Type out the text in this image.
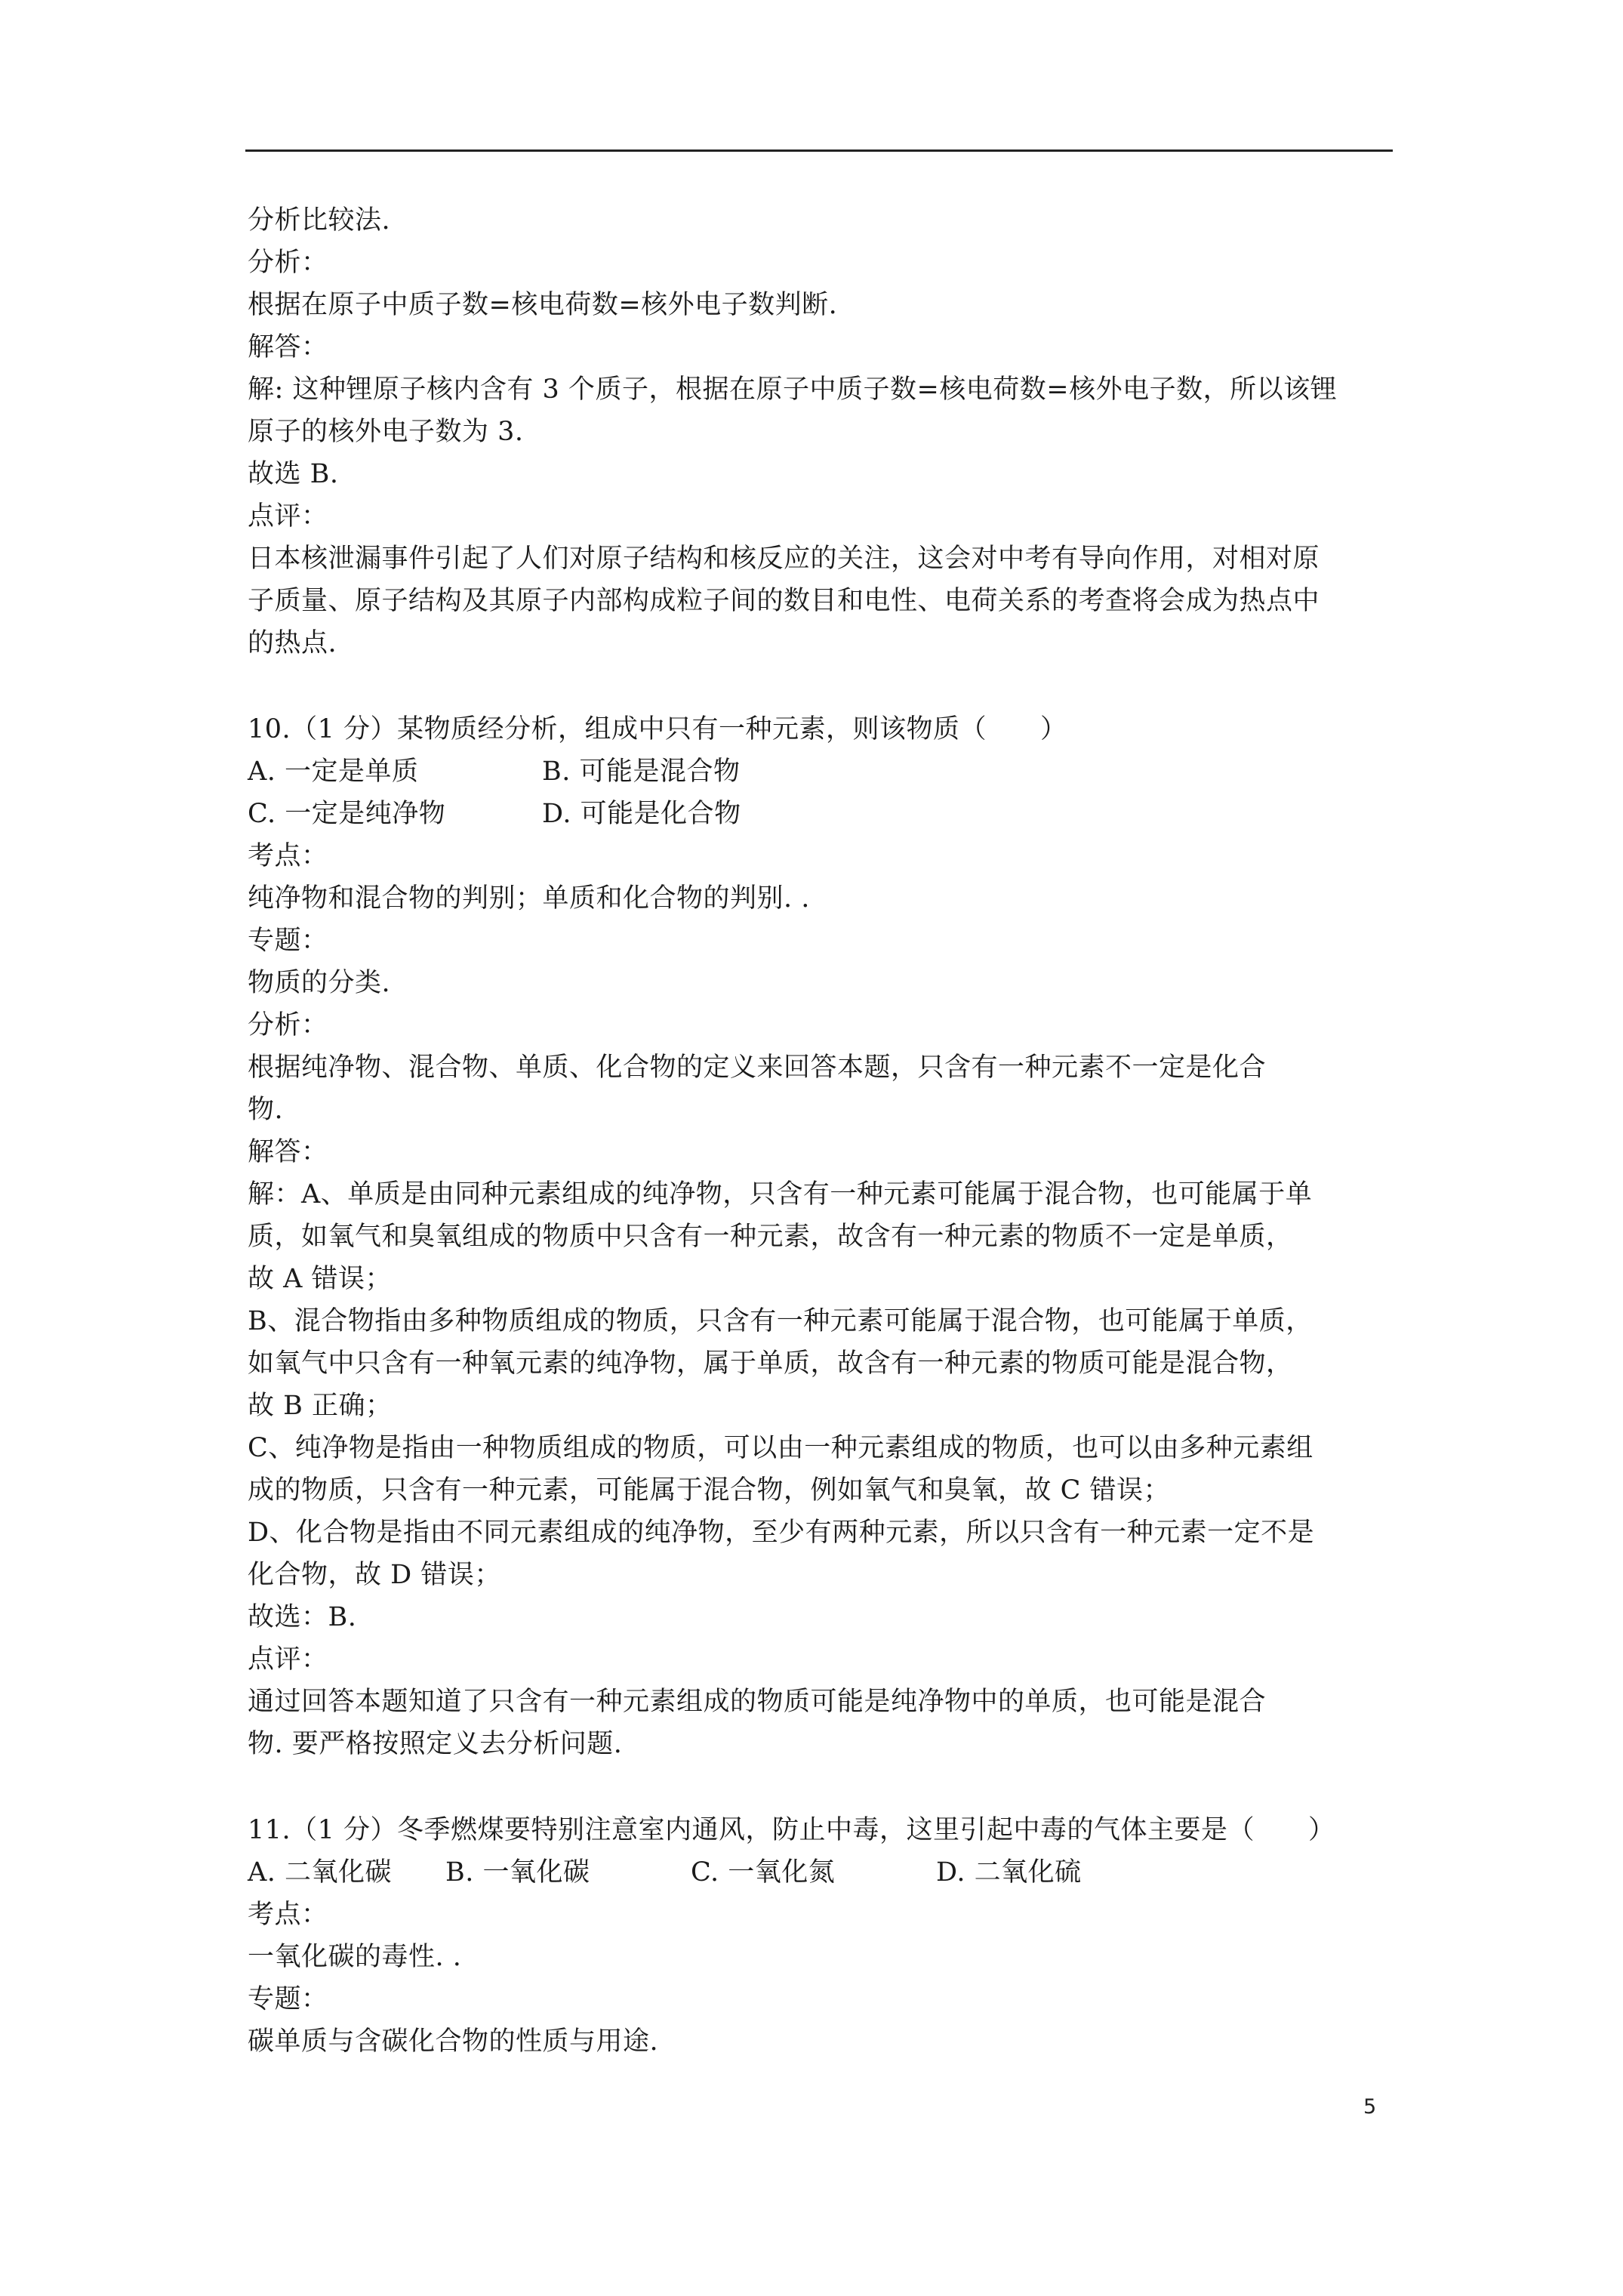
分析比较法.
分析：
根据在原子中质子数=核电荷数=核外电子数判断.
解答：
解: 这种锂原子核内含有 3 个质子，根据在原子中质子数=核电荷数=核外电子数，所以该锂
原子的核外电子数为 3.
故选 B.
点评：
日本核泄漏事件引起了人们对原子结构和核反应的关注，这会对中考有导向作用，对相对原
子质量、原子结构及其原子内部构成粒子间的数目和电性、电荷关系的考查将会成为热点中
的热点.
10.（1 分）某物质经分析，组成中只有一种元素，则该物质（　　）
A. 一定是单质	B. 可能是混合物
C. 一定是纯净物	D. 可能是化合物
考点：
纯净物和混合物的判别；单质和化合物的判别. .
专题：
物质的分类.
分析：
根据纯净物、混合物、单质、化合物的定义来回答本题，只含有一种元素不一定是化合
物.
解答：
解：A、单质是由同种元素组成的纯净物，只含有一种元素可能属于混合物，也可能属于单
质，如氧气和臭氧组成的物质中只含有一种元素，故含有一种元素的物质不一定是单质，
故 A 错误；
B、混合物指由多种物质组成的物质，只含有一种元素可能属于混合物，也可能属于单质，
如氧气中只含有一种氧元素的纯净物，属于单质，故含有一种元素的物质可能是混合物，
故 B 正确；
C、纯净物是指由一种物质组成的物质，可以由一种元素组成的物质，也可以由多种元素组
成的物质，只含有一种元素，可能属于混合物，例如氧气和臭氧，故 C 错误；
D、化合物是指由不同元素组成的纯净物，至少有两种元素，所以只含有一种元素一定不是
化合物，故 D 错误；
故选：B.
点评：
通过回答本题知道了只含有一种元素组成的物质可能是纯净物中的单质，也可能是混合
物. 要严格按照定义去分析问题.
11.（1 分）冬季燃煤要特别注意室内通风，防止中毒，这里引起中毒的气体主要是（　　）
A. 二氧化碳	B. 一氧化碳	C. 一氧化氮	D. 二氧化硫
考点：
一氧化碳的毒性. .
专题：
碳单质与含碳化合物的性质与用途.
5
